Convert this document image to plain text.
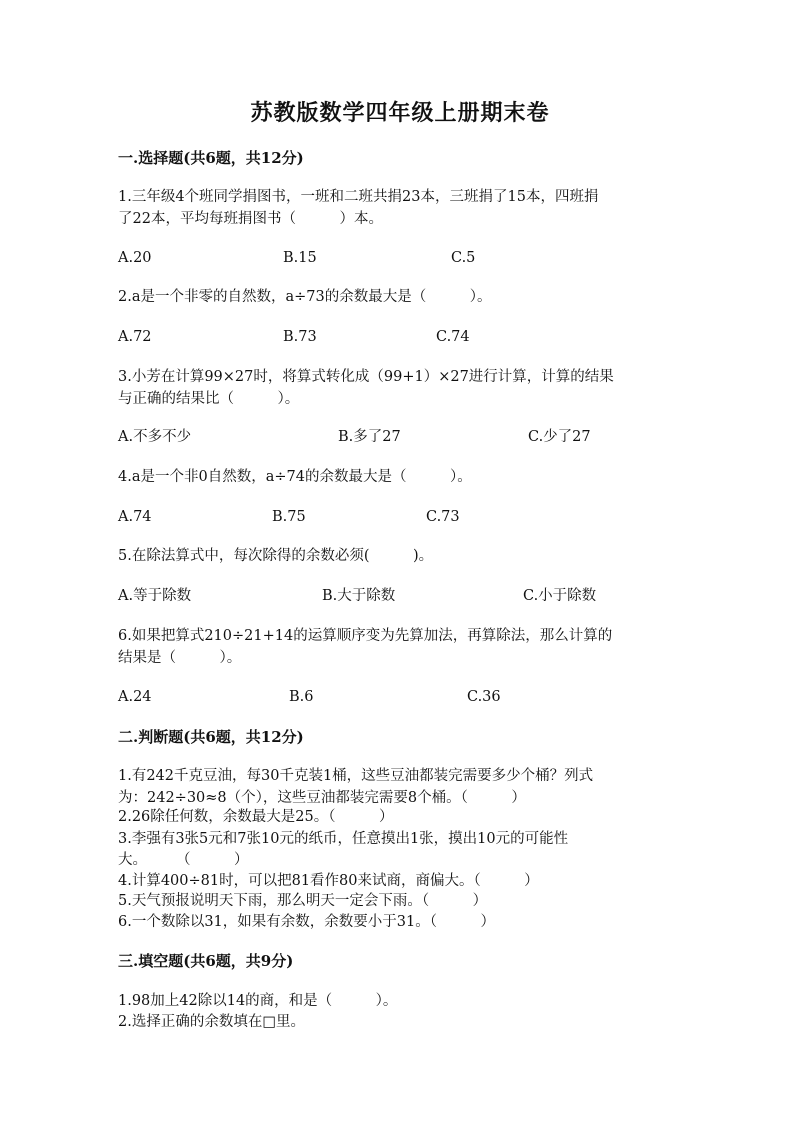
苏教版数学四年级上册期末卷
一.选择题(共6题，共12分)
1.三年级4个班同学捐图书，一班和二班共捐23本，三班捐了15本，四班捐
了22本，平均每班捐图书（　　　）本。
A.20	B.15	C.5
2.a是一个非零的自然数，a÷73的余数最大是（　　　）。
A.72	B.73	C.74
3.小芳在计算99×27时，将算式转化成（99+1）×27进行计算，计算的结果
与正确的结果比（　　　）。
A.不多不少	B.多了27	C.少了27
4.a是一个非0自然数，a÷74的余数最大是（　　　）。
A.74	B.75	C.73
5.在除法算式中，每次除得的余数必须(　　　)。
A.等于除数	B.大于除数	C.小于除数
6.如果把算式210÷21+14的运算顺序变为先算加法，再算除法，那么计算的
结果是（　　　）。
A.24	B.6	C.36
二.判断题(共6题，共12分)
1.有242千克豆油，每30千克装1桶，这些豆油都装完需要多少个桶？列式
为：242÷30≈8（个），这些豆油都装完需要8个桶。（　　　）
2.26除任何数，余数最大是25。（　　　）
3.李强有3张5元和7张10元的纸币，任意摸出1张，摸出10元的可能性
大。　　　（　　　）
4.计算400÷81时，可以把81看作80来试商，商偏大。（　　　）
5.天气预报说明天下雨，那么明天一定会下雨。（　　　）
6.一个数除以31，如果有余数，余数要小于31。（　　　）
三.填空题(共6题，共9分)
1.98加上42除以14的商，和是（　　　）。
2.选择正确的余数填在□里。
